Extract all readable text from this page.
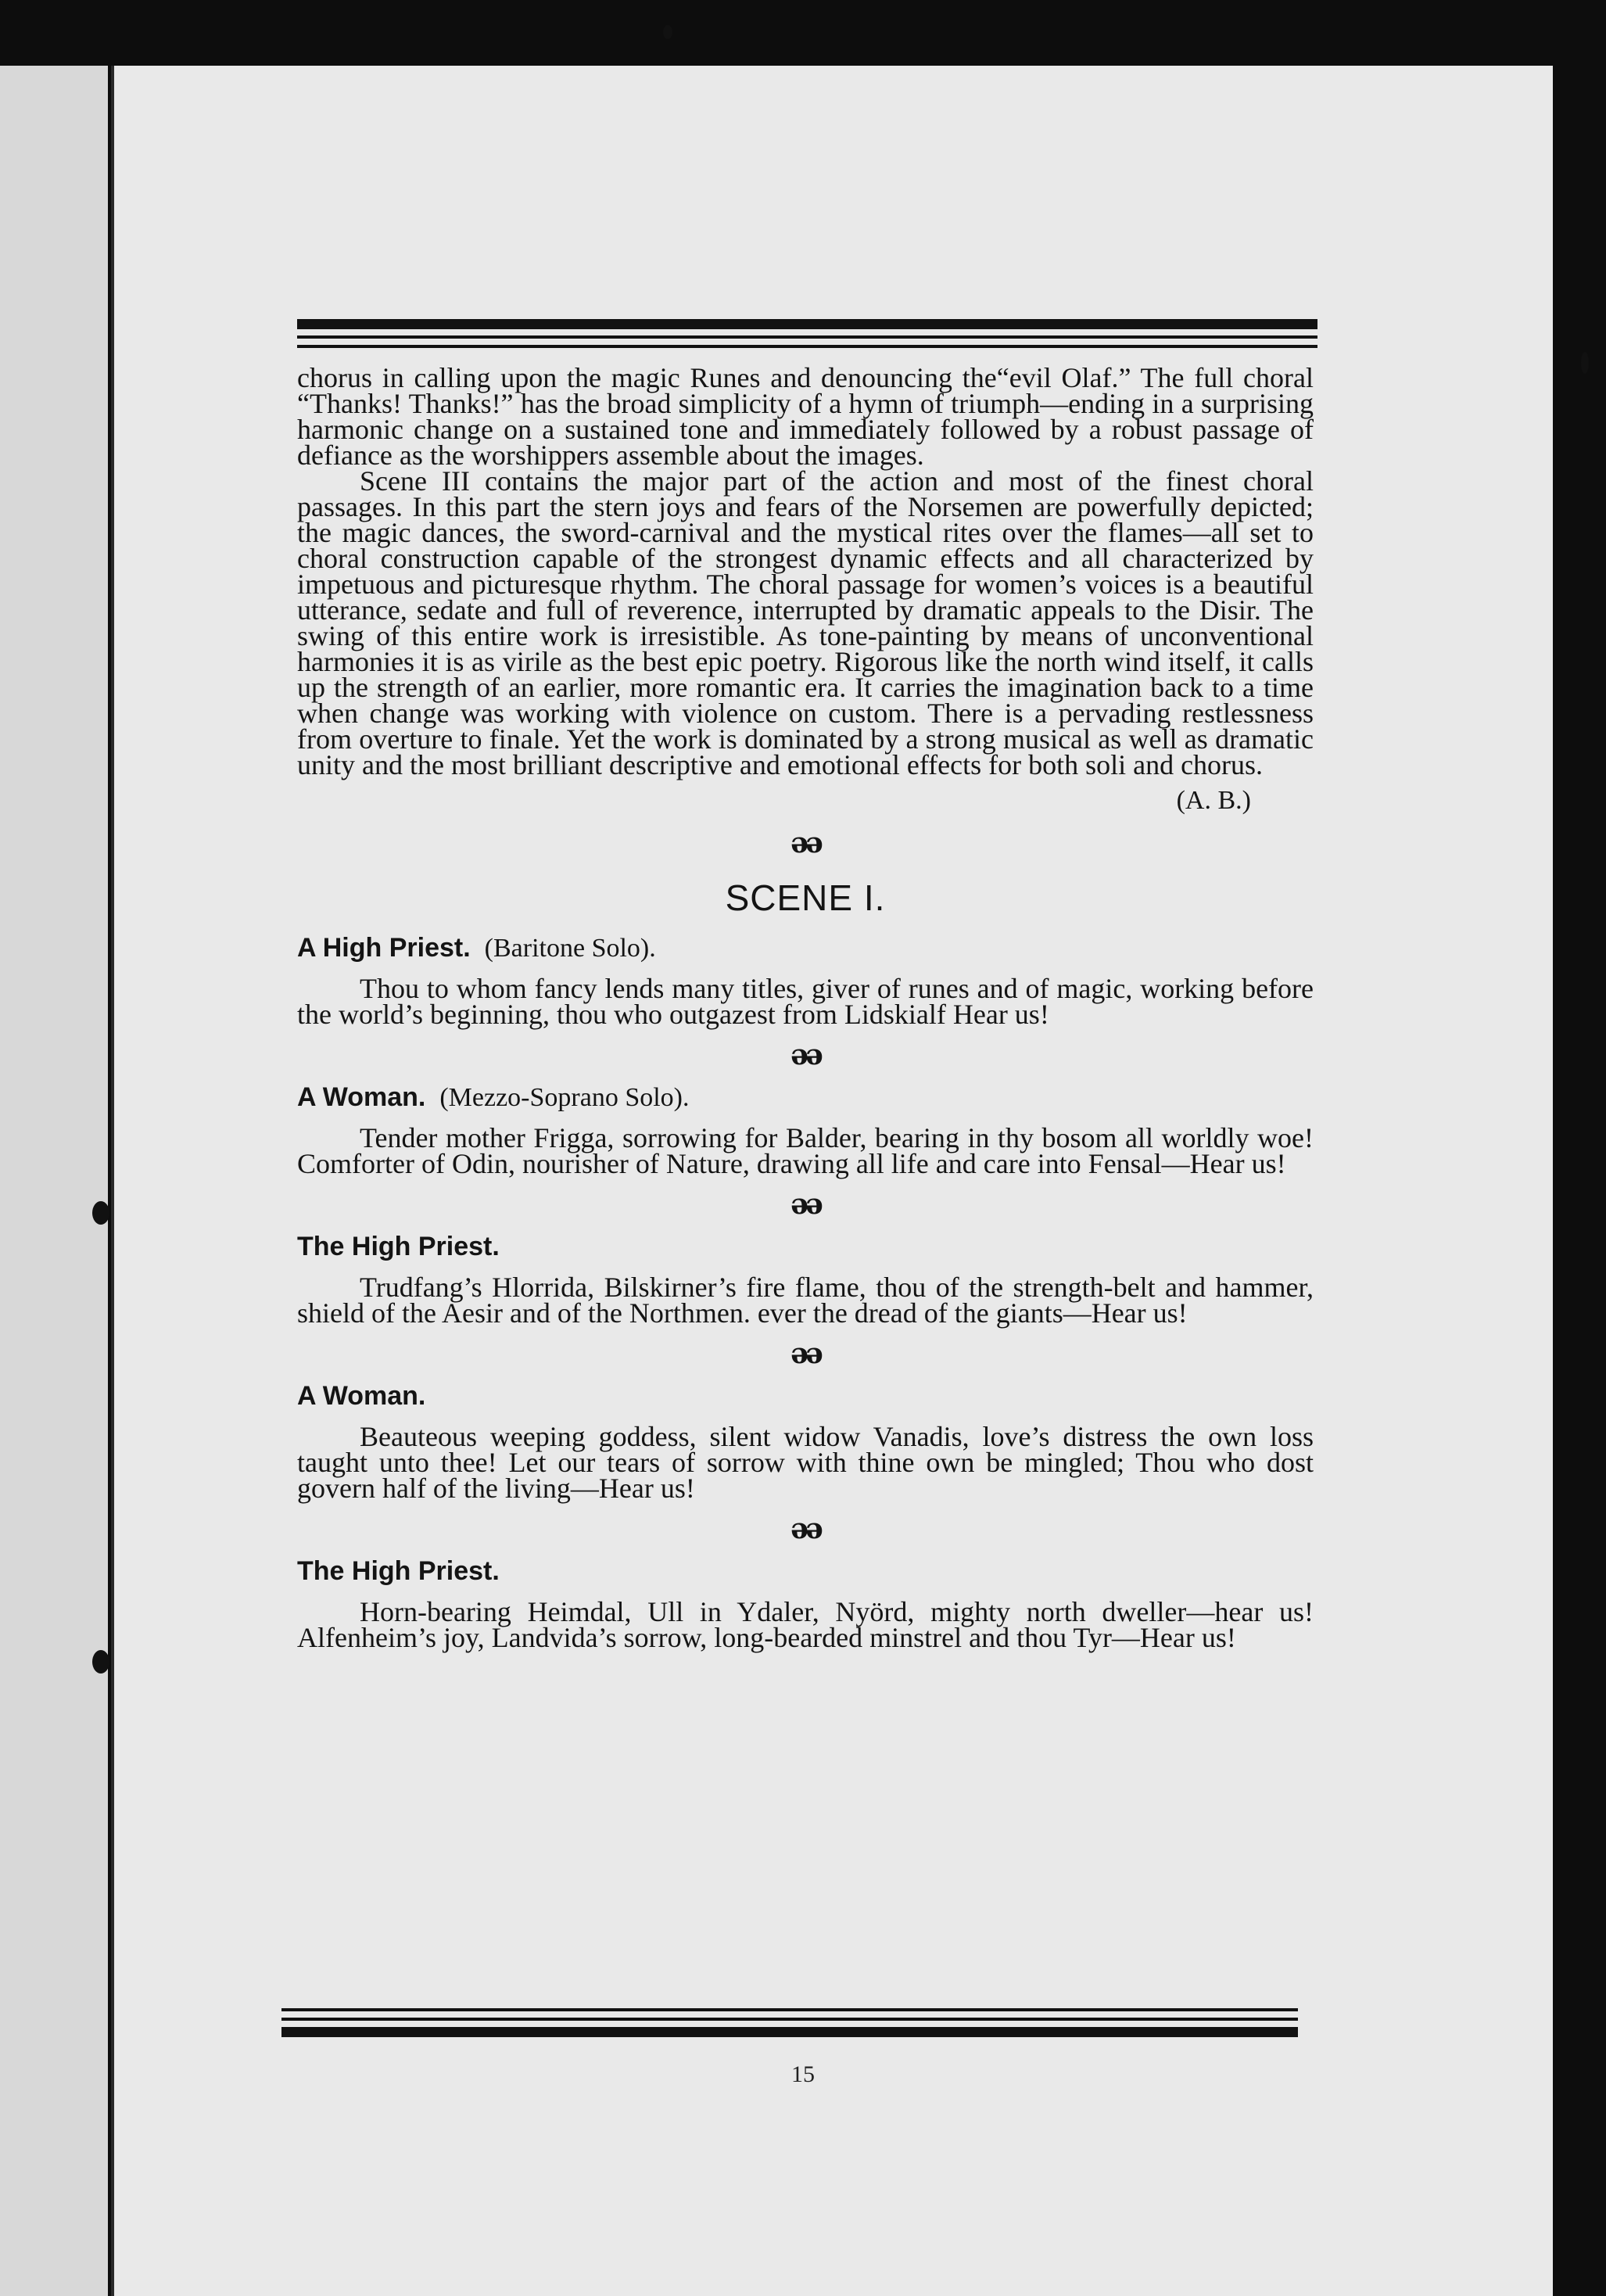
chorus in calling upon the magic Runes and denouncing the“evil Olaf.” The full choral “Thanks! Thanks!” has the broad simplicity of a hymn of triumph—ending in a surprising harmonic change on a sustained tone and immediately followed by a robust passage of defiance as the worshippers assemble about the images.

Scene III contains the major part of the action and most of the finest choral passages. In this part the stern joys and fears of the Norsemen are powerfully depicted; the magic dances, the sword-carnival and the mystical rites over the flames—all set to choral construction capable of the strongest dynamic effects and all characterized by impetuous and picturesque rhythm. The choral passage for women’s voices is a beautiful utterance, sedate and full of reverence, interrupted by dramatic appeals to the Disir. The swing of this entire work is irresistible. As tone-painting by means of unconventional harmonies it is as virile as the best epic poetry. Rigorous like the north wind itself, it calls up the strength of an earlier, more romantic era. It carries the imagination back to a time when change was working with violence on custom. There is a pervading restlessness from overture to finale. Yet the work is dominated by a strong musical as well as dramatic unity and the most brilliant descriptive and emotional effects for both soli and chorus.

(A. B.)
əə
SCENE I.
A High Priest. (Baritone Solo).

Thou to whom fancy lends many titles, giver of runes and of magic, working before the world’s beginning, thou who outgazest from Lidskialf Hear us!

əə
A Woman. (Mezzo-Soprano Solo).

Tender mother Frigga, sorrowing for Balder, bearing in thy bosom all worldly woe! Comforter of Odin, nourisher of Nature, drawing all life and care into Fensal—Hear us!

əə
The High Priest.

Trudfang’s Hlorrida, Bilskirner’s fire flame, thou of the strength-belt and hammer, shield of the Aesir and of the Northmen. ever the dread of the giants—Hear us!

əə
A Woman.

Beauteous weeping goddess, silent widow Vanadis, love’s distress the own loss taught unto thee! Let our tears of sorrow with thine own be mingled; Thou who dost govern half of the living—Hear us!

əə
The High Priest.

Horn-bearing Heimdal, Ull in Ydaler, Nyörd, mighty north dweller—hear us! Alfenheim’s joy, Landvida’s sorrow, long-bearded minstrel and thou Tyr—Hear us!

15
